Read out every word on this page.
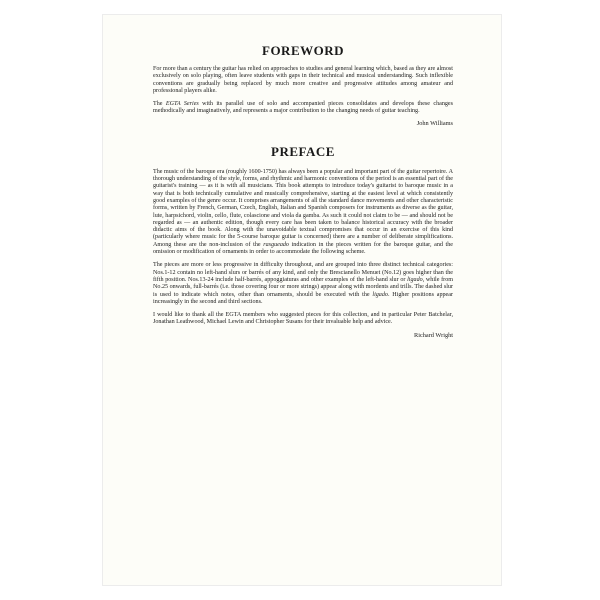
FOREWORD

For more than a century the guitar has relied on approaches to studies and general learning which, based as they are almost exclusively on solo playing, often leave students with gaps in their technical and musical understanding. Such inflexible conventions are gradually being replaced by much more creative and progressive attitudes among amateur and professional players alike.

The EGTA Series with its parallel use of solo and accompanied pieces consolidates and develops these changes methodically and imaginatively, and represents a major contribution to the changing needs of guitar teaching.

John Williams
PREFACE

The music of the baroque era (roughly 1600-1750) has always been a popular and important part of the guitar repertoire. A thorough understanding of the style, forms, and rhythmic and harmonic conventions of the period is an essential part of the guitarist's training — as it is with all musicians. This book attempts to introduce today's guitarist to baroque music in a way that is both technically cumulative and musically comprehensive, starting at the easiest level at which consistently good examples of the genre occur. It comprises arrangements of all the standard dance movements and other characteristic forms, written by French, German, Czech, English, Italian and Spanish composers for instruments as diverse as the guitar, lute, harpsichord, violin, cello, flute, colascione and viola da gamba. As such it could not claim to be — and should not be regarded as — an authentic edition, though every care has been taken to balance historical accuracy with the broader didactic aims of the book. Along with the unavoidable textual compromises that occur in an exercise of this kind (particularly where music for the 5-course baroque guitar is concerned) there are a number of deliberate simplifications. Among these are the non-inclusion of the rasgueado indication in the pieces written for the baroque guitar, and the omission or modification of ornaments in order to accommodate the following scheme.

The pieces are more or less progressive in difficulty throughout, and are grouped into three distinct technical categories: Nos.1-12 contain no left-hand slurs or barrés of any kind, and only the Brescianello Menuet (No.12) goes higher than the fifth position. Nos.13-24 include half-barrés, appoggiaturas and other examples of the left-hand slur or ligado, while from No.25 onwards, full-barrés (i.e. those covering four or more strings) appear along with mordents and trills. The dashed slur is used to indicate which notes, other than ornaments, should be executed with the ligado. Higher positions appear increasingly in the second and third sections.

I would like to thank all the EGTA members who suggested pieces for this collection, and in particular Peter Batchelar, Jonathan Leathwood, Michael Lewin and Christopher Susans for their invaluable help and advice.

Richard Wright
